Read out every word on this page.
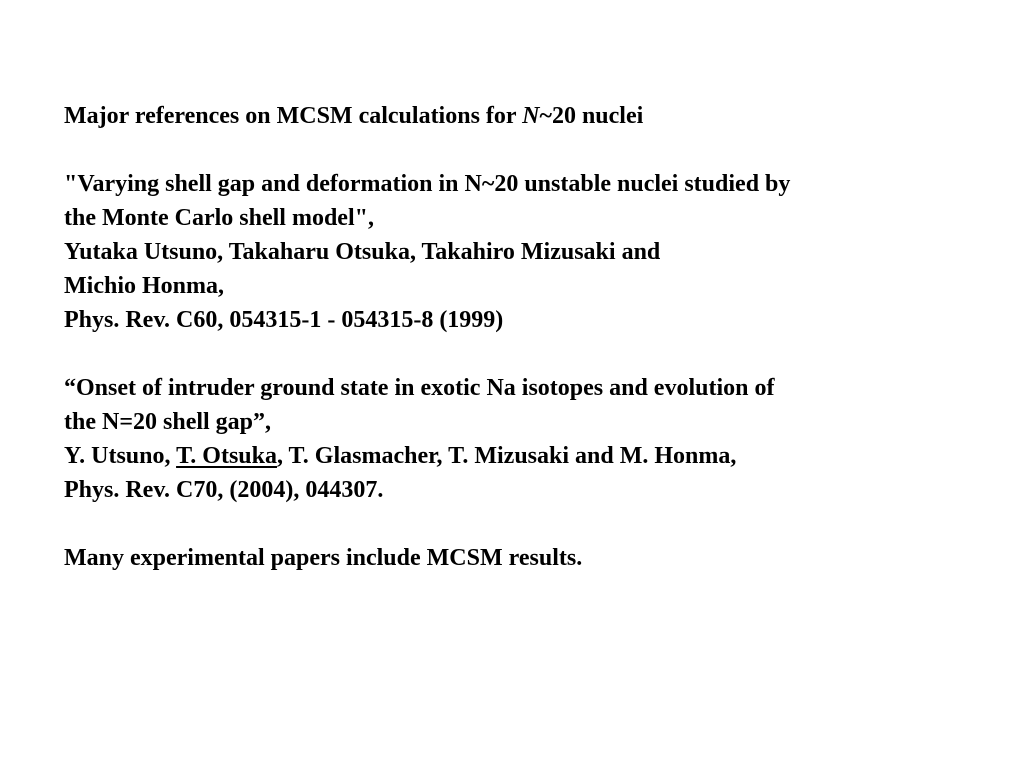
Major references on MCSM calculations for N~20 nuclei
"Varying shell gap and deformation in N~20 unstable nuclei studied by
the Monte Carlo shell model",
Yutaka Utsuno, Takaharu Otsuka, Takahiro Mizusaki and
Michio Honma,
Phys. Rev. C60, 054315-1 - 054315-8 (1999)
“Onset of intruder ground state in exotic Na isotopes and evolution of
the N=20 shell gap”,
Y. Utsuno, T. Otsuka, T. Glasmacher, T. Mizusaki and M. Honma,
Phys. Rev. C70, (2004), 044307.
Many experimental papers include MCSM results.
